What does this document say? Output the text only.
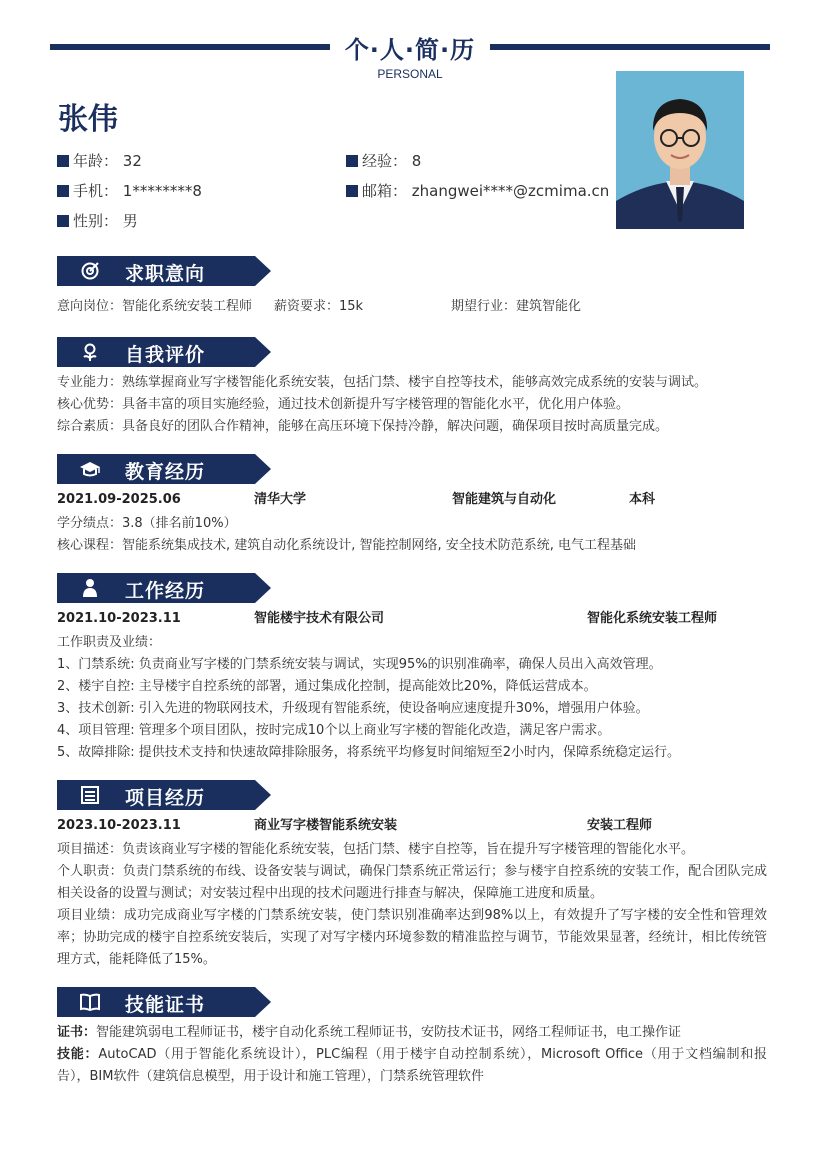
个·人·简·历
PERSONAL
张伟
年龄： 32	经验： 8
手机： 1********8	邮箱： zhangwei****@zcmima.cn
性别： 男
求职意向
意向岗位：智能化系统安装工程师 薪资要求：15k	期望行业：建筑智能化
自我评价
专业能力：熟练掌握商业写字楼智能化系统安装，包括门禁、楼宇自控等技术，能够高效完成系统的安装与调试。
核心优势：具备丰富的项目实施经验，通过技术创新提升写字楼管理的智能化水平，优化用户体验。
综合素质：具备良好的团队合作精神，能够在高压环境下保持冷静，解决问题，确保项目按时高质量完成。
教育经历
2021.09-2025.06	清华大学	智能建筑与自动化	本科
学分绩点：3.8（排名前10%）
核心课程：智能系统集成技术, 建筑自动化系统设计, 智能控制网络, 安全技术防范系统, 电气工程基础
工作经历
2021.10-2023.11	智能楼宇技术有限公司	智能化系统安装工程师
工作职责及业绩：
1、门禁系统: 负责商业写字楼的门禁系统安装与调试，实现95%的识别准确率，确保人员出入高效管理。
2、楼宇自控: 主导楼宇自控系统的部署，通过集成化控制，提高能效比20%，降低运营成本。
3、技术创新: 引入先进的物联网技术，升级现有智能系统，使设备响应速度提升30%，增强用户体验。
4、项目管理: 管理多个项目团队，按时完成10个以上商业写字楼的智能化改造，满足客户需求。
5、故障排除: 提供技术支持和快速故障排除服务，将系统平均修复时间缩短至2小时内，保障系统稳定运行。
项目经历
2023.10-2023.11	商业写字楼智能系统安装	安装工程师
项目描述：负责该商业写字楼的智能化系统安装，包括门禁、楼宇自控等，旨在提升写字楼管理的智能化水平。
个人职责：负责门禁系统的布线、设备安装与调试，确保门禁系统正常运行；参与楼宇自控系统的安装工作，配合团队完成相关设备的设置与测试；对安装过程中出现的技术问题进行排查与解决，保障施工进度和质量。
项目业绩：成功完成商业写字楼的门禁系统安装，使门禁识别准确率达到98%以上，有效提升了写字楼的安全性和管理效率；协助完成的楼宇自控系统安装后，实现了对写字楼内环境参数的精准监控与调节，节能效果显著，经统计，相比传统管理方式，能耗降低了15%。
技能证书
证书：智能建筑弱电工程师证书，楼宇自动化系统工程师证书，安防技术证书，网络工程师证书，电工操作证
技能：AutoCAD（用于智能化系统设计），PLC编程（用于楼宇自动控制系统），Microsoft Office（用于文档编制和报告），BIM软件（建筑信息模型，用于设计和施工管理），门禁系统管理软件
